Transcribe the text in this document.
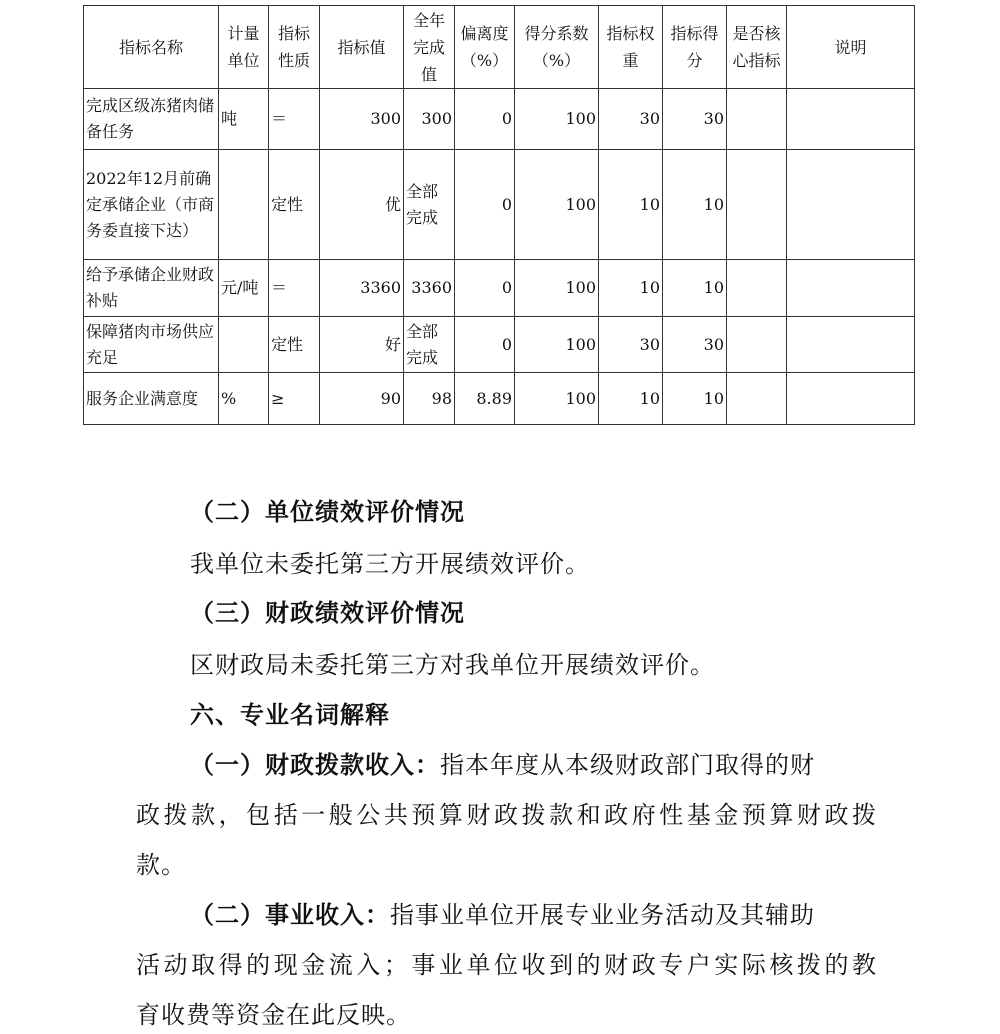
指标名称	计量单位	指标性质	指标值	全年完成值	偏离度（%）	得分系数（%）	指标权重	指标得分	是否核心指标	说明
完成区级冻猪肉储备任务	吨	＝	300	300	0	100	30	30		
2022年12月前确定承储企业（市商务委直接下达）		定性	优	全部完成	0	100	10	10		
给予承储企业财政补贴	元/吨	＝	3360	3360	0	100	10	10		
保障猪肉市场供应充足		定性	好	全部完成	0	100	30	30		
服务企业满意度	%	≥	90	98	8.89	100	10	10		
（二）单位绩效评价情况
我单位未委托第三方开展绩效评价。
（三）财政绩效评价情况
区财政局未委托第三方对我单位开展绩效评价。
六、专业名词解释
（一）财政拨款收入：指本年度从本级财政部门取得的财
政拨款，包括一般公共预算财政拨款和政府性基金预算财政拨
款。
（二）事业收入：指事业单位开展专业业务活动及其辅助
活动取得的现金流入；事业单位收到的财政专户实际核拨的教
育收费等资金在此反映。
